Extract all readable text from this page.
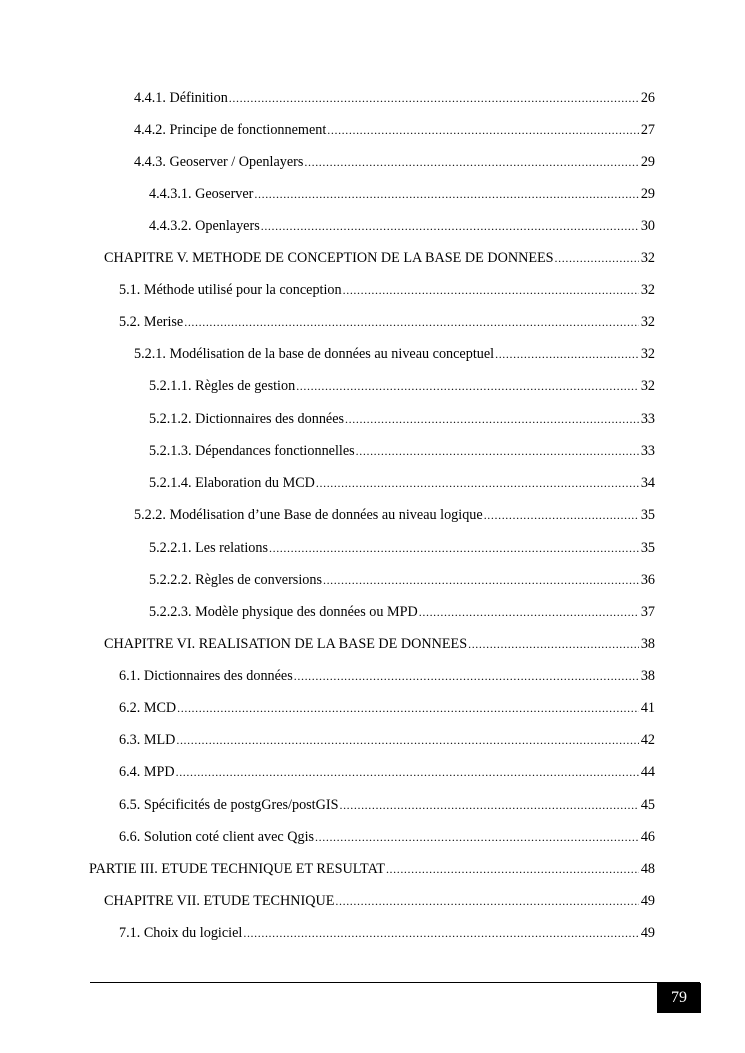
4.4.1. Définition .....	26
4.4.2. Principe de fonctionnement .....	27
4.4.3. Geoserver / Openlayers .....	29
4.4.3.1. Geoserver .....	29
4.4.3.2. Openlayers .....	30
CHAPITRE V. METHODE DE CONCEPTION DE LA BASE DE DONNEES .....	32
5.1. Méthode utilisé pour la conception .....	32
5.2. Merise .....	32
5.2.1. Modélisation de la base de données au niveau conceptuel .....	32
5.2.1.1. Règles de gestion .....	32
5.2.1.2. Dictionnaires des données .....	33
5.2.1.3. Dépendances fonctionnelles .....	33
5.2.1.4. Elaboration du MCD .....	34
5.2.2. Modélisation d’une Base de données au niveau logique .....	35
5.2.2.1. Les relations .....	35
5.2.2.2. Règles de conversions .....	36
5.2.2.3. Modèle physique des données ou MPD .....	37
CHAPITRE VI. REALISATION DE LA BASE DE DONNEES .....	38
6.1. Dictionnaires des données .....	38
6.2. MCD .....	41
6.3. MLD .....	42
6.4. MPD .....	44
6.5. Spécificités de postgGres/postGIS .....	45
6.6. Solution coté client avec Qgis .....	46
PARTIE III. ETUDE TECHNIQUE ET RESULTAT .....	48
CHAPITRE VII. ETUDE TECHNIQUE .....	49
7.1. Choix du logiciel .....	49
79
